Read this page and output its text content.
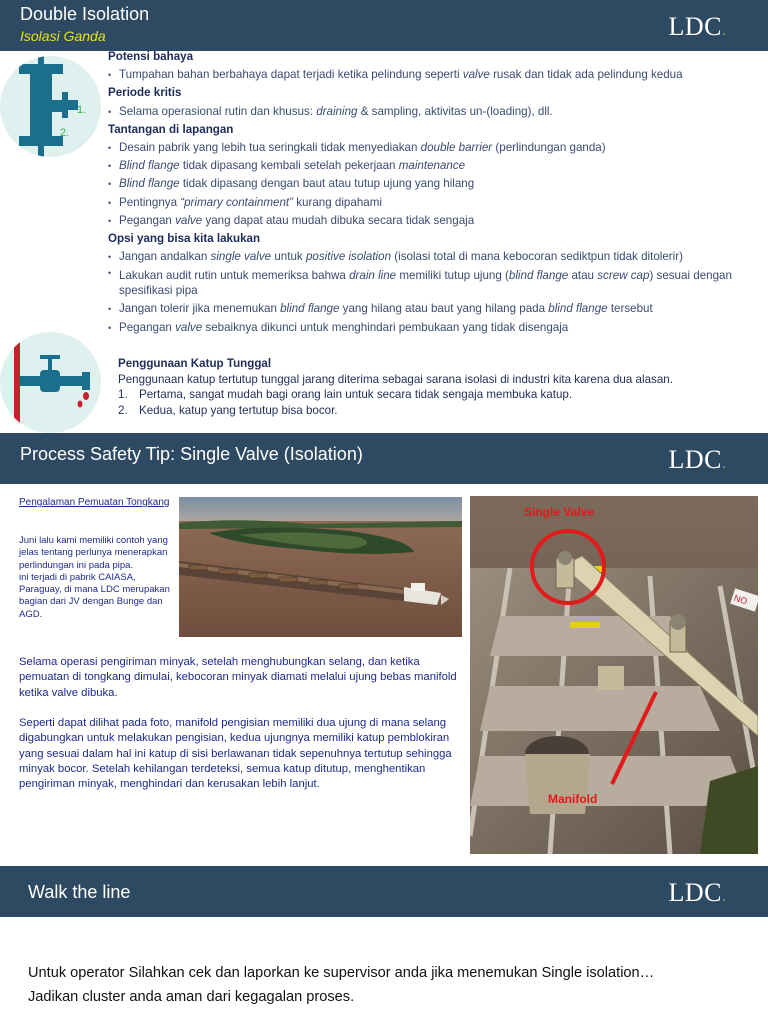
Double Isolation
Isolasi Ganda	LDC.
1.
2.
Potensi bahaya
• Tumpahan bahan berbahaya dapat terjadi ketika pelindung seperti valve rusak dan tidak ada pelindung kedua
Periode kritis
• Selama operasional rutin dan khusus: draining & sampling, aktivitas un-(loading), dll.
Tantangan di lapangan
• Desain pabrik yang lebih tua seringkali tidak menyediakan double barrier (perlindungan ganda)
• Blind flange tidak dipasang kembali setelah pekerjaan maintenance
• Blind flange tidak dipasang dengan baut atau tutup ujung yang hilang
• Pentingnya “primary containment” kurang dipahami
• Pegangan valve yang dapat atau mudah dibuka secara tidak sengaja
Opsi yang bisa kita lakukan
• Jangan andalkan single valve untuk positive isolation (isolasi total di mana kebocoran sediktpun tidak ditolerir)
• Lakukan audit rutin untuk memeriksa bahwa drain line memiliki tutup ujung (blind flange atau screw cap) sesuai dengan spesifikasi pipa
• Jangan tolerir jika menemukan blind flange yang hilang atau baut yang hilang pada blind flange tersebut
• Pegangan valve sebaiknya dikunci untuk menghindari pembukaan yang tidak disengaja
Penggunaan Katup Tunggal
Penggunaan katup tertutup tunggal jarang diterima sebagai sarana isolasi di industri kita karena dua alasan.
1. Pertama, sangat mudah bagi orang lain untuk secara tidak sengaja membuka katup.
2. Kedua, katup yang tertutup bisa bocor.
Process Safety Tip: Single Valve (Isolation)	LDC.
Pengalaman Pemuatan Tongkang
Juni lalu kami memiliki contoh yang jelas tentang perlunya menerapkan perlindungan ini pada pipa.
ini terjadi di pabrik CAIASA, Paraguay, di mana LDC merupakan bagian dari JV dengan Bunge dan AGD.
Selama operasi pengiriman minyak, setelah menghubungkan selang, dan ketika pemuatan di tongkang dimulai, kebocoran minyak diamati melalui ujung bebas manifold ketika valve dibuka.
Seperti dapat dilihat pada foto, manifold pengisian memiliki dua ujung di mana selang digabungkan untuk melakukan pengisian, kedua ujungnya memiliki katup pemblokiran yang sesuai dalam hal ini katup di sisi berlawanan tidak sepenuhnya tertutup sehingga minyak bocor. Setelah kehilangan terdeteksi, semua katup ditutup, menghentikan pengiriman minyak, menghindari dan kerusakan lebih lanjut.
NO
Single Valve
Manifold
Walk the line	LDC.
Untuk operator Silahkan cek dan laporkan ke supervisor anda jika menemukan Single isolation…
Jadikan cluster anda aman dari kegagalan proses.
